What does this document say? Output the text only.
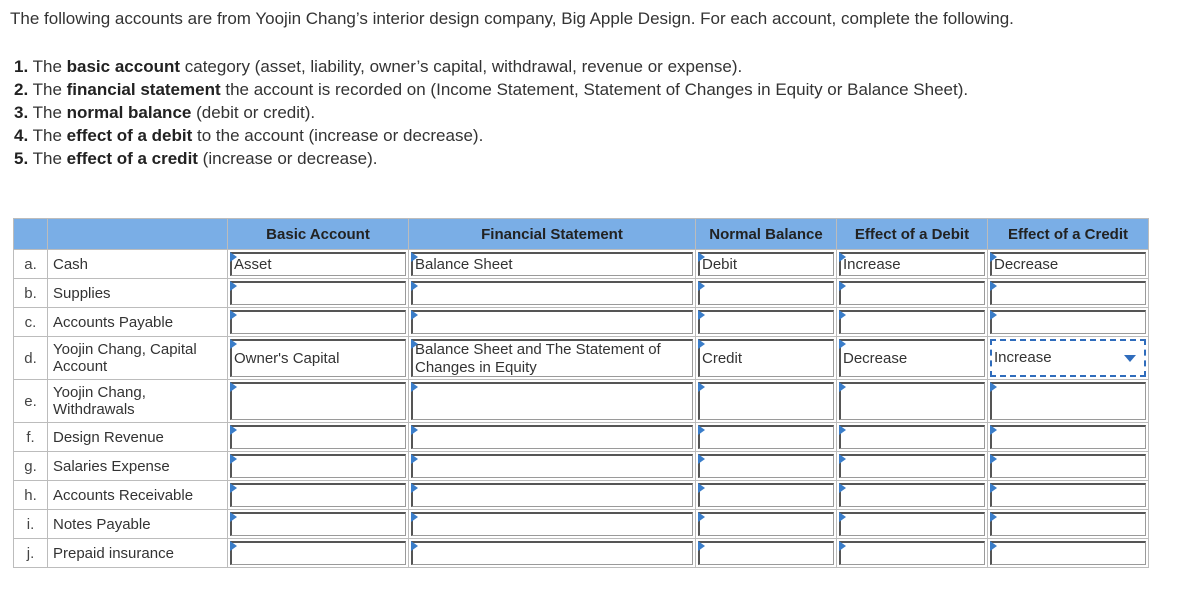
The following accounts are from Yoojin Chang’s interior design company, Big Apple Design. For each account, complete the following.
1. The basic account category (asset, liability, owner’s capital, withdrawal, revenue or expense).
2. The financial statement the account is recorded on (Income Statement, Statement of Changes in Equity or Balance Sheet).
3. The normal balance (debit or credit).
4. The effect of a debit to the account (increase or decrease).
5. The effect of a credit (increase or decrease).
		Basic Account	Financial Statement	Normal Balance	Effect of a Debit	Effect of a Credit
a.	Cash	Asset	Balance Sheet	Debit	Increase	Decrease

b.	Supplies	

c.	Accounts Payable	

d.	Yoojin Chang, Capital Account	Owner's Capital	Balance Sheet and The Statement of Changes in Equity	Credit	Decrease	Increase

e.	Yoojin Chang, Withdrawals	

f.	Design Revenue	

g.	Salaries Expense	

h.	Accounts Receivable	

i.	Notes Payable	

j.	Prepaid insurance	
